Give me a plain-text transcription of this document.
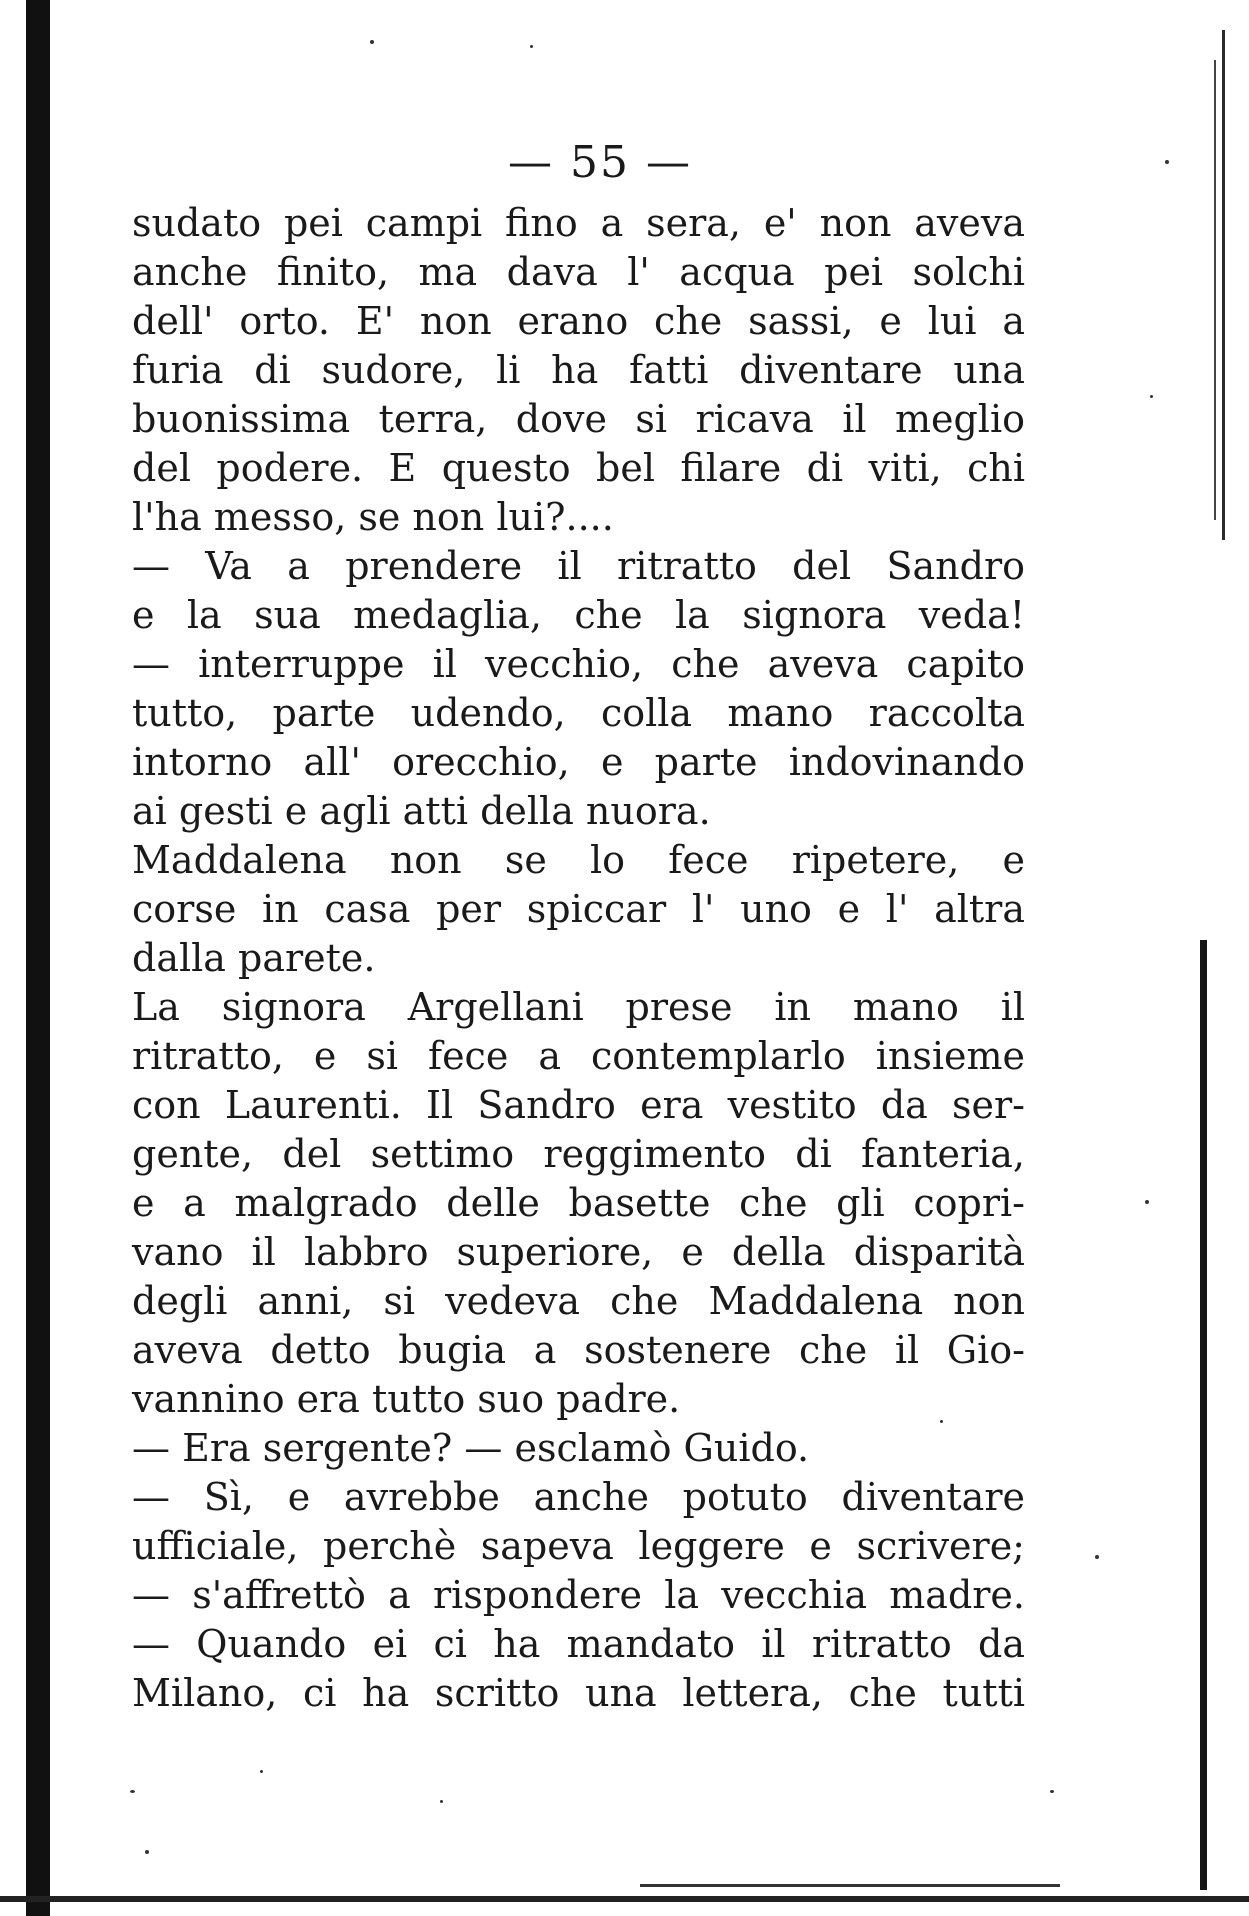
— 55 —
sudato pei campi fino a sera, e' non aveva
anche finito, ma dava l' acqua pei solchi
dell' orto. E' non erano che sassi, e lui a
furia di sudore, li ha fatti diventare una
buonissima terra, dove si ricava il meglio
del podere. E questo bel filare di viti, chi
l'ha messo, se non lui?....
— Va a prendere il ritratto del Sandro
e la sua medaglia, che la signora veda!
— interruppe il vecchio, che aveva capito
tutto, parte udendo, colla mano raccolta
intorno all' orecchio, e parte indovinando
ai gesti e agli atti della nuora.
Maddalena non se lo fece ripetere, e
corse in casa per spiccar l' uno e l' altra
dalla parete.
La signora Argellani prese in mano il
ritratto, e si fece a contemplarlo insieme
con Laurenti. Il Sandro era vestito da ser-
gente, del settimo reggimento di fanteria,
e a malgrado delle basette che gli copri-
vano il labbro superiore, e della disparità
degli anni, si vedeva che Maddalena non
aveva detto bugia a sostenere che il Gio-
vannino era tutto suo padre.
— Era sergente? — esclamò Guido.
— Sì, e avrebbe anche potuto diventare
ufficiale, perchè sapeva leggere e scrivere;
— s'affrettò a rispondere la vecchia madre.
— Quando ei ci ha mandato il ritratto da
Milano, ci ha scritto una lettera, che tutti
